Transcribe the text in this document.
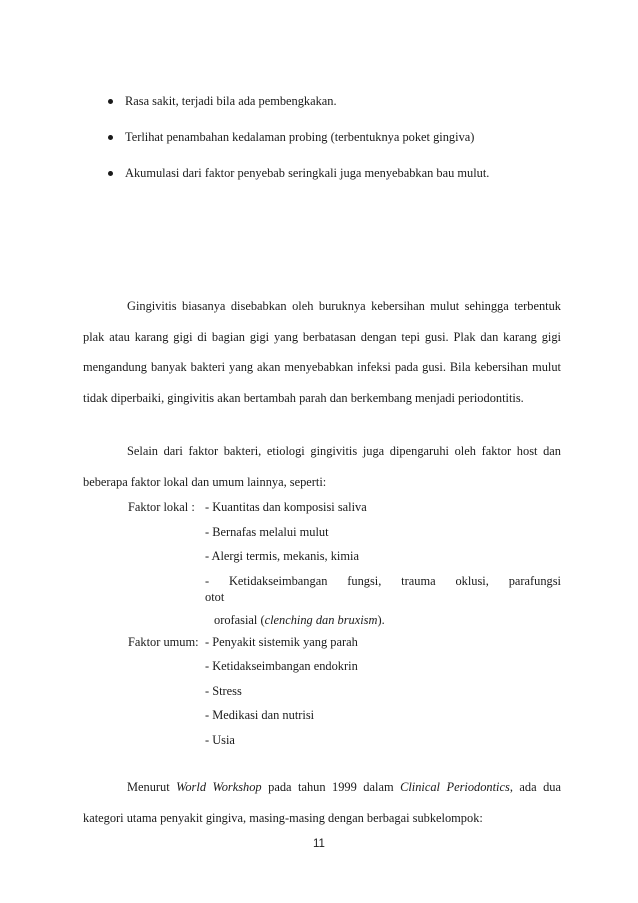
Rasa sakit, terjadi bila ada pembengkakan.
Terlihat penambahan kedalaman probing (terbentuknya poket gingiva)
Akumulasi dari faktor penyebab seringkali juga menyebabkan bau mulut.

Gingivitis biasanya disebabkan oleh buruknya kebersihan mulut sehingga terbentuk plak atau karang gigi di bagian gigi yang berbatasan dengan tepi gusi. Plak dan karang gigi mengandung banyak bakteri yang akan menyebabkan infeksi pada gusi. Bila kebersihan mulut tidak diperbaiki, gingivitis akan bertambah parah dan berkembang menjadi periodontitis.

Selain dari faktor bakteri, etiologi gingivitis juga dipengaruhi oleh faktor host dan beberapa faktor lokal dan umum lainnya, seperti:

Faktor lokal : - Kuantitas dan komposisi saliva
- Bernafas melalui mulut
- Alergi termis, mekanis, kimia
- Ketidakseimbangan fungsi, trauma oklusi, parafungsi otot
orofasial (clenching dan bruxism).
Faktor umum: - Penyakit sistemik yang parah
- Ketidakseimbangan endokrin
- Stress
- Medikasi dan nutrisi
- Usia

Menurut World Workshop pada tahun 1999 dalam Clinical Periodontics, ada dua kategori utama penyakit gingiva, masing-masing dengan berbagai subkelompok:

11
